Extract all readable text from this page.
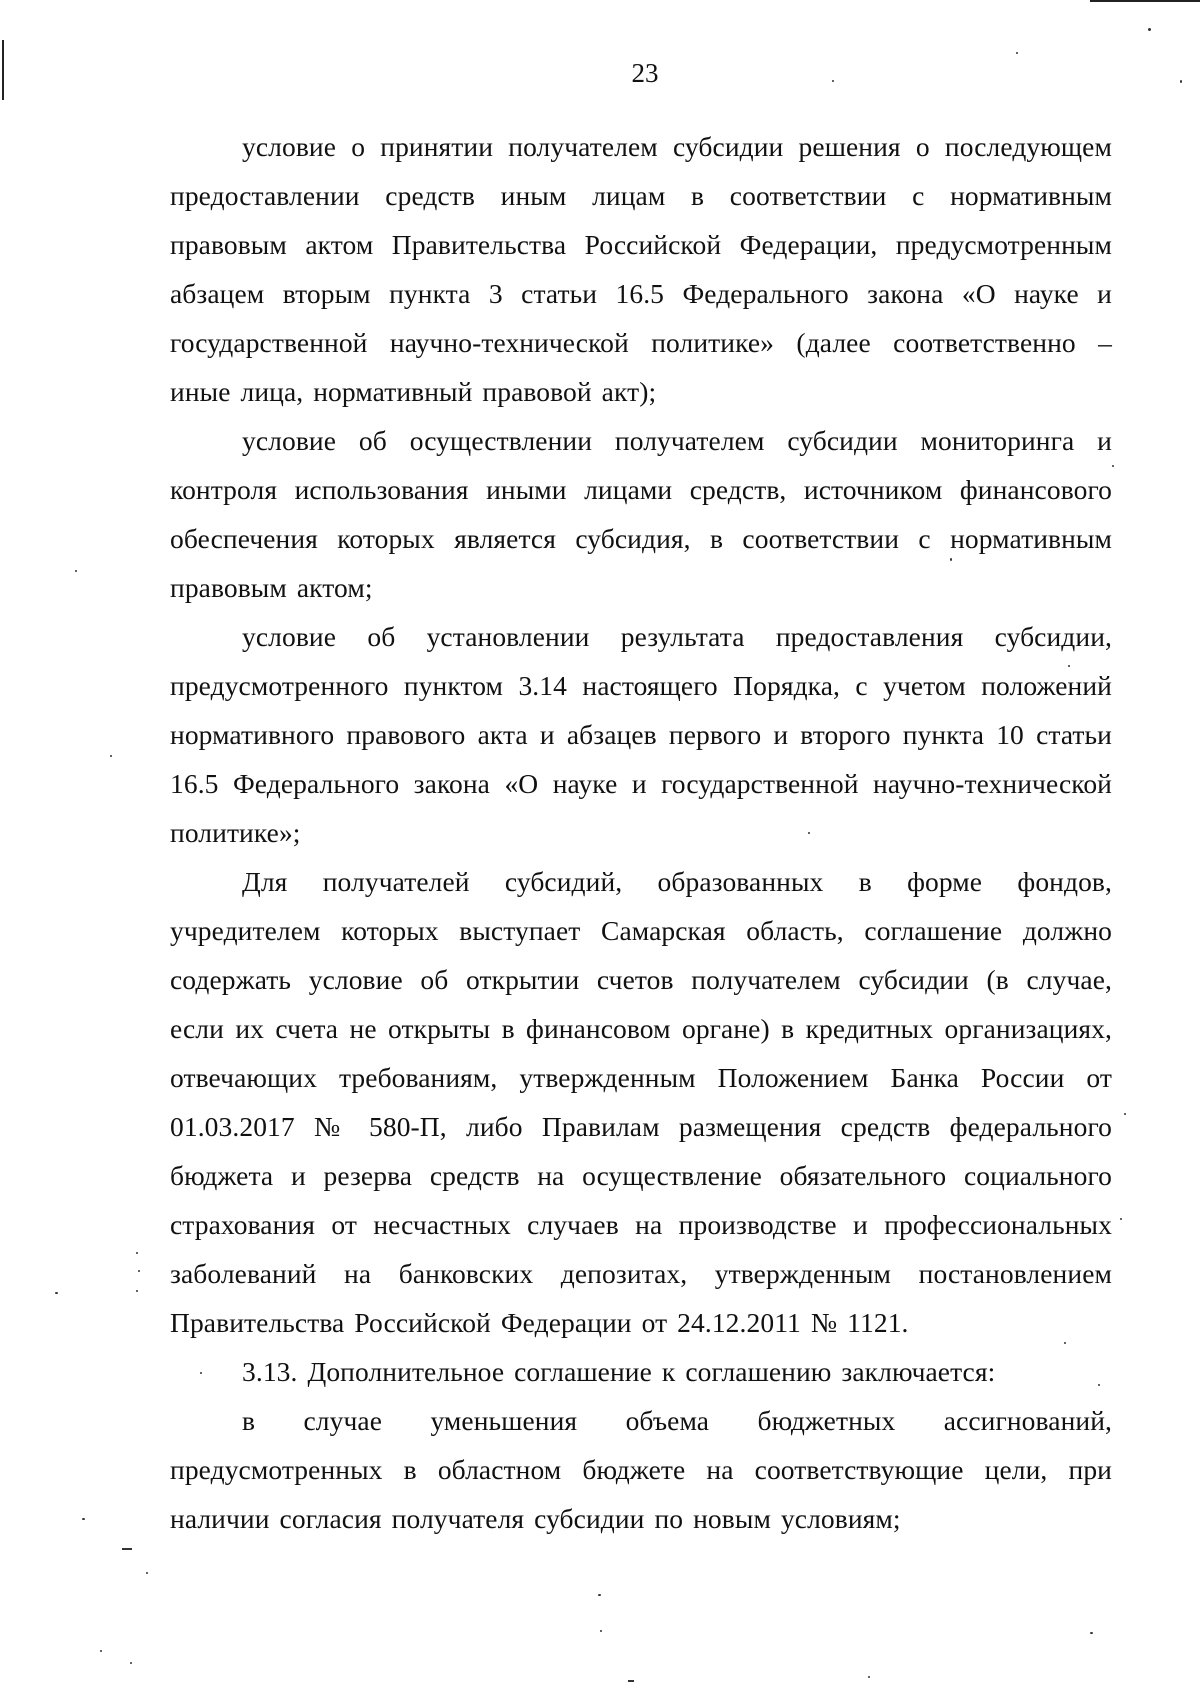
23

условие о принятии получателем субсидии решения о последующем предоставлении средств иным лицам в соответствии с нормативным правовым актом Правительства Российской Федерации, предусмотренным абзацем вторым пункта 3 статьи 16.5 Федерального закона «О науке и государственной научно-технической политике» (далее соответственно – иные лица, нормативный правовой акт);

условие об осуществлении получателем субсидии мониторинга и контроля использования иными лицами средств, источником финансового обеспечения которых является субсидия, в соответствии с нормативным правовым актом;

условие об установлении результата предоставления субсидии, предусмотренного пунктом 3.14 настоящего Порядка, с учетом положений нормативного правового акта и абзацев первого и второго пункта 10 статьи 16.5 Федерального закона «О науке и государственной научно-технической политике»;

Для получателей субсидий, образованных в форме фондов, учредителем которых выступает Самарская область, соглашение должно содержать условие об открытии счетов получателем субсидии (в случае, если их счета не открыты в финансовом органе) в кредитных организациях, отвечающих требованиям, утвержденным Положением Банка России от 01.03.2017 № 580-П, либо Правилам размещения средств федерального бюджета и резерва средств на осуществление обязательного социального страхования от несчастных случаев на производстве и профессиональных заболеваний на банковских депозитах, утвержденным постановлением Правительства Российской Федерации от 24.12.2011 № 1121.

3.13. Дополнительное соглашение к соглашению заключается:

в случае уменьшения объема бюджетных ассигнований, предусмотренных в областном бюджете на соответствующие цели, при наличии согласия получателя субсидии по новым условиям;
